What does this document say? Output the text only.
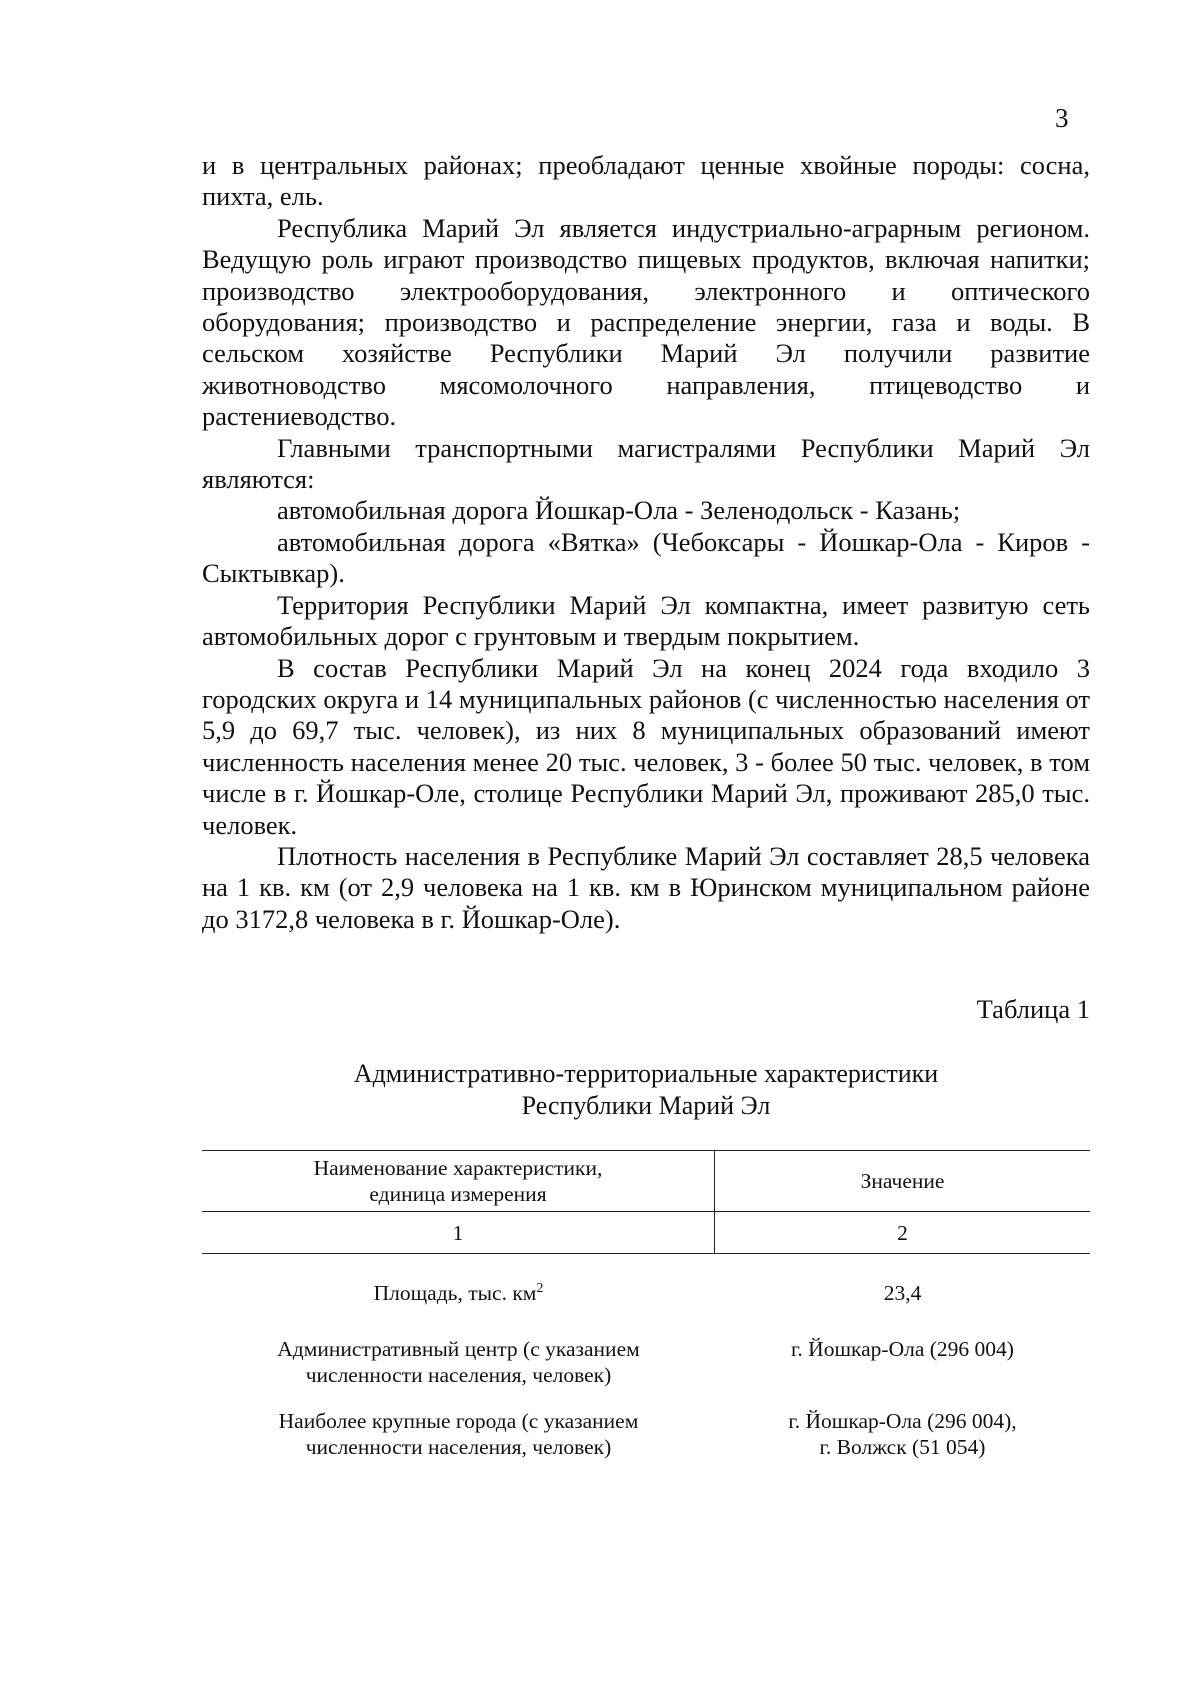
3

и в центральных районах; преобладают ценные хвойные породы: сосна, пихта, ель.

Республика Марий Эл является индустриально-аграрным регионом. Ведущую роль играют производство пищевых продуктов, включая напитки; производство электрооборудования, электронного и оптического оборудования; производство и распределение энергии, газа и воды. В сельском хозяйстве Республики Марий Эл получили развитие животноводство мясомолочного направления, птицеводство и растениеводство.

Главными транспортными магистралями Республики Марий Эл являются:

автомобильная дорога Йошкар-Ола - Зеленодольск - Казань;

автомобильная дорога «Вятка» (Чебоксары - Йошкар-Ола - Киров - Сыктывкар).

Территория Республики Марий Эл компактна, имеет развитую сеть автомобильных дорог с грунтовым и твердым покрытием.

В состав Республики Марий Эл на конец 2024 года входило 3 городских округа и 14 муниципальных районов (с численностью населения от 5,9 до 69,7 тыс. человек), из них 8 муниципальных образований имеют численность населения менее 20 тыс. человек, 3 - более 50 тыс. человек, в том числе в г. Йошкар-Оле, столице Республики Марий Эл, проживают 285,0 тыс. человек.

Плотность населения в Республике Марий Эл составляет 28,5 человека на 1 кв. км (от 2,9 человека на 1 кв. км в Юринском муниципальном районе до 3172,8 человека в г. Йошкар-Оле).

Таблица 1
Административно-территориальные характеристики
Республики Марий Эл
Наименование характеристики,
единица измерения
Значение
1	2
Площадь, тыс. $км^2$	23,4
Административный центр (с указанием
численности населения, человек)
г. Йошкар-Ола (296 004)
Наиболее крупные города (с указанием
численности населения, человек)
г. Йошкар-Ола (296 004),
г. Волжск (51 054)
